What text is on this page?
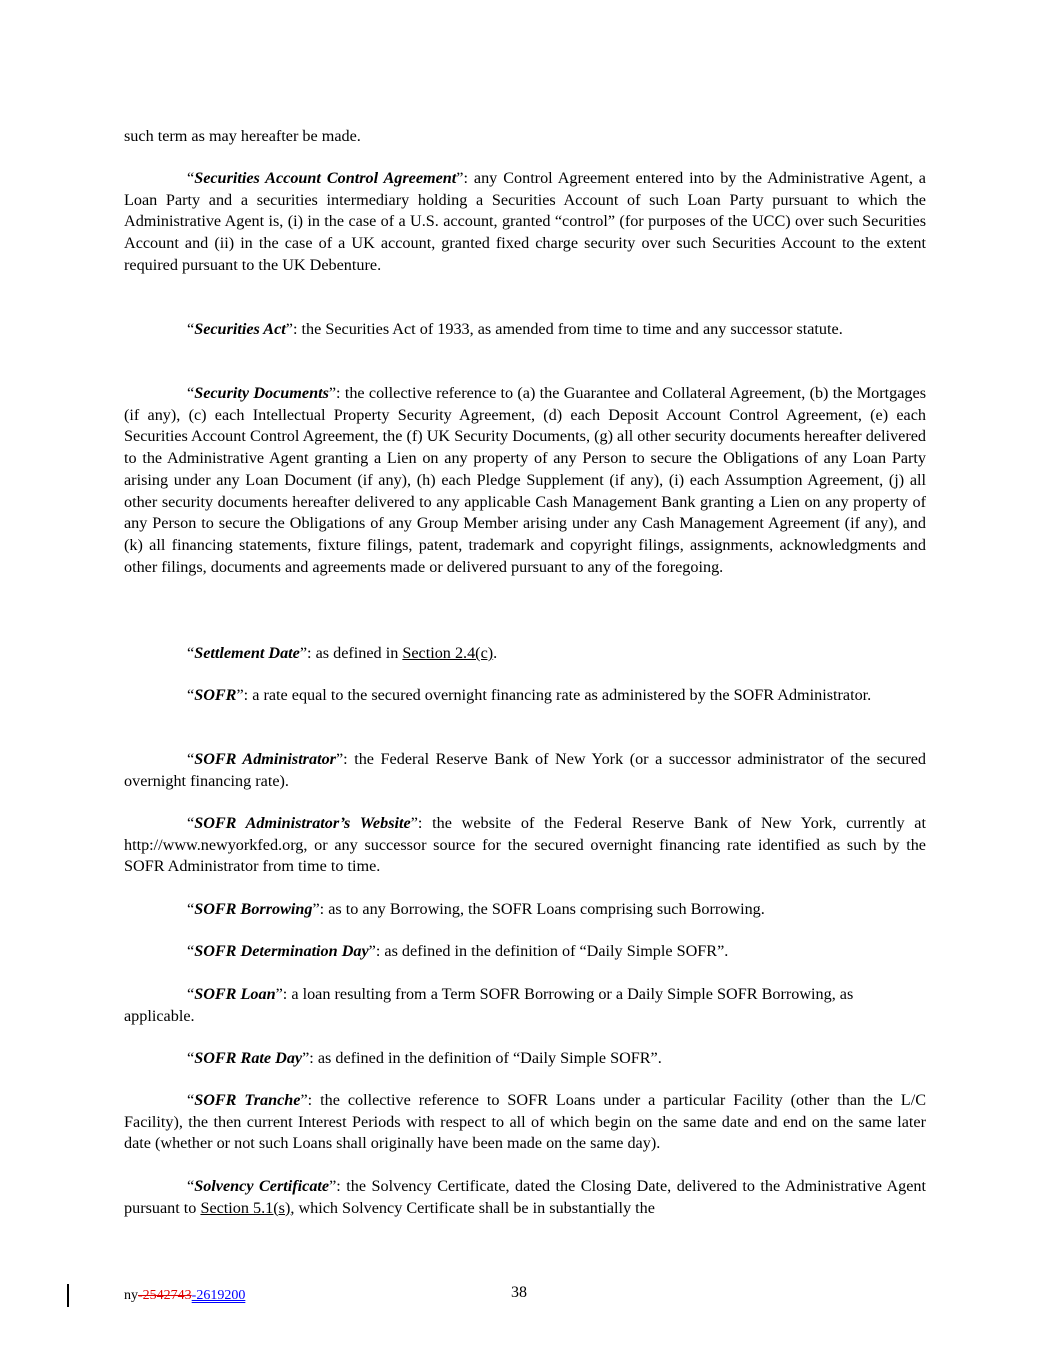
such term as may hereafter be made.
“Securities Account Control Agreement”: any Control Agreement entered into by the Administrative Agent, a Loan Party and a securities intermediary holding a Securities Account of such Loan Party pursuant to which the Administrative Agent is, (i) in the case of a U.S. account, granted “control” (for purposes of the UCC) over such Securities Account and (ii) in the case of a UK account, granted fixed charge security over such Securities Account to the extent required pursuant to the UK Debenture.
“Securities Act”: the Securities Act of 1933, as amended from time to time and any successor statute.
“Security Documents”: the collective reference to (a) the Guarantee and Collateral Agreement, (b) the Mortgages (if any), (c) each Intellectual Property Security Agreement, (d) each Deposit Account Control Agreement, (e) each Securities Account Control Agreement, the (f) UK Security Documents, (g) all other security documents hereafter delivered to the Administrative Agent granting a Lien on any property of any Person to secure the Obligations of any Loan Party arising under any Loan Document (if any), (h) each Pledge Supplement (if any), (i) each Assumption Agreement, (j) all other security documents hereafter delivered to any applicable Cash Management Bank granting a Lien on any property of any Person to secure the Obligations of any Group Member arising under any Cash Management Agreement (if any), and (k) all financing statements, fixture filings, patent, trademark and copyright filings, assignments, acknowledgments and other filings, documents and agreements made or delivered pursuant to any of the foregoing.
“Settlement Date”: as defined in Section 2.4(c).
“SOFR”: a rate equal to the secured overnight financing rate as administered by the SOFR Administrator.
“SOFR Administrator”: the Federal Reserve Bank of New York (or a successor administrator of the secured overnight financing rate).
“SOFR Administrator’s Website”: the website of the Federal Reserve Bank of New York, currently at http://www.newyorkfed.org, or any successor source for the secured overnight financing rate identified as such by the SOFR Administrator from time to time.
“SOFR Borrowing”: as to any Borrowing, the SOFR Loans comprising such Borrowing.
“SOFR Determination Day”: as defined in the definition of “Daily Simple SOFR”.
“SOFR Loan”: a loan resulting from a Term SOFR Borrowing or a Daily Simple SOFR Borrowing, as applicable.
“SOFR Rate Day”: as defined in the definition of “Daily Simple SOFR”.
“SOFR Tranche”: the collective reference to SOFR Loans under a particular Facility (other than the L/C Facility), the then current Interest Periods with respect to all of which begin on the same date and end on the same later date (whether or not such Loans shall originally have been made on the same day).
“Solvency Certificate”: the Solvency Certificate, dated the Closing Date, delivered to the Administrative Agent pursuant to Section 5.1(s), which Solvency Certificate shall be in substantially the
ny-2542743-2619200	38
